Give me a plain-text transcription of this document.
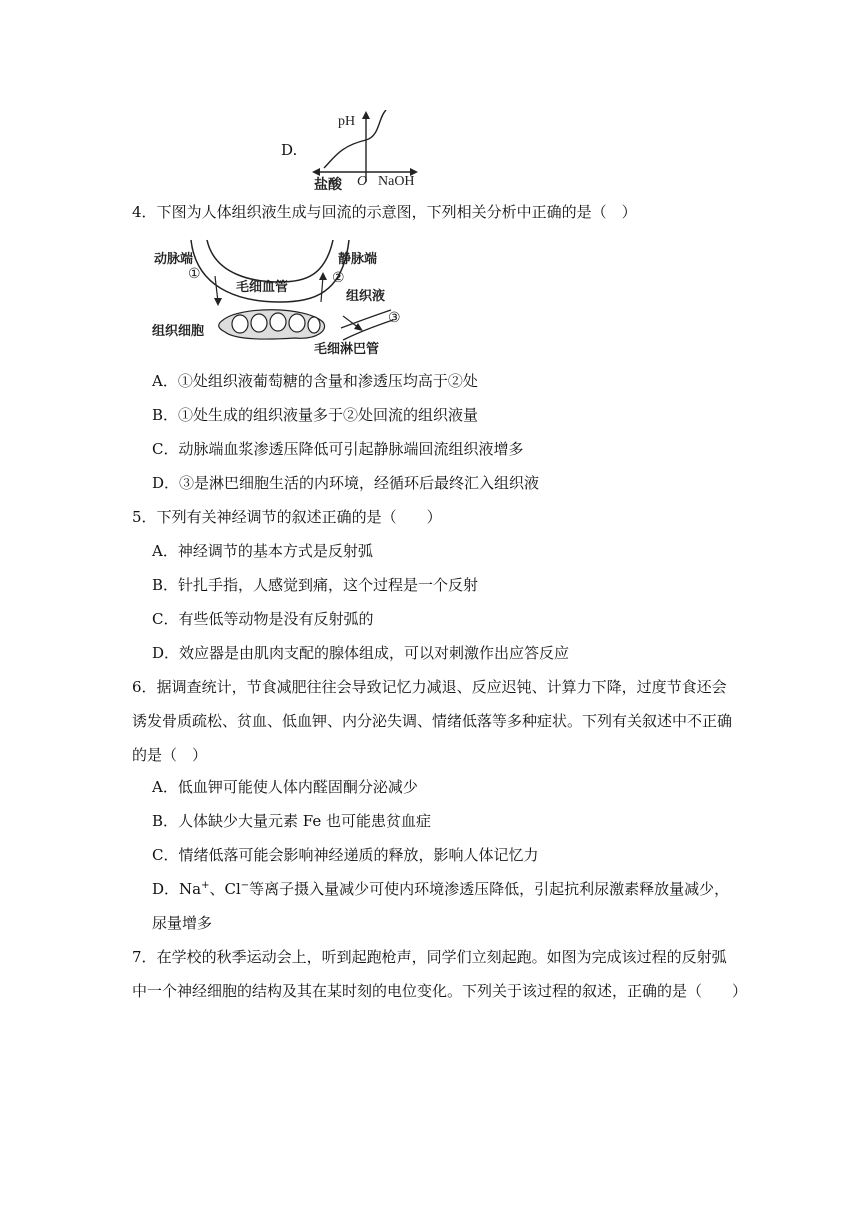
D.
pH
盐酸 O NaOH
4 ． 下图为人体组织液生成与回流的示意图，下列相关分析中正确的是（　）
动脉端
①
静脉端
②
毛细血管
组织液
组织细胞
③
毛细淋巴管
A．①处组织液葡萄糖的含量和渗透压均高于②处
B．①处生成的组织液量多于②处回流的组织液量
C．动脉端血浆渗透压降低可引起静脉端回流组织液增多
D．③是淋巴细胞生活的内环境，经循环后最终汇入组织液
5 ． 下列有关神经调节的叙述正确的是（　　）
A．神经调节的基本方式是反射弧
B．针扎手指，人感觉到痛，这个过程是一个反射
C．有些低等动物是没有反射弧的
D．效应器是由肌肉支配的腺体组成，可以对刺激作出应答反应
6 ． 据调查统计，节食减肥往往会导致记忆力减退、反应迟钝、计算力下降，过度节食还会
诱发骨质疏松、贫血、低血钾、内分泌失调、情绪低落等多种症状。下列有关叙述中不正确
的是（　）
A．低血钾可能使人体内醛固酮分泌减少
B．人体缺少大量元素 Fe 也可能患贫血症
C．情绪低落可能会影响神经递质的释放，影响人体记忆力
D．Na+、Cl−等离子摄入量减少可使内环境渗透压降低，引起抗利尿激素释放量减少，
尿量增多
7 ． 在学校的秋季运动会上，听到起跑枪声，同学们立刻起跑。如图为完成该过程的反射弧
中一个神经细胞的结构及其在某时刻的电位变化。下列关于该过程的叙述，正确的是（　　）
